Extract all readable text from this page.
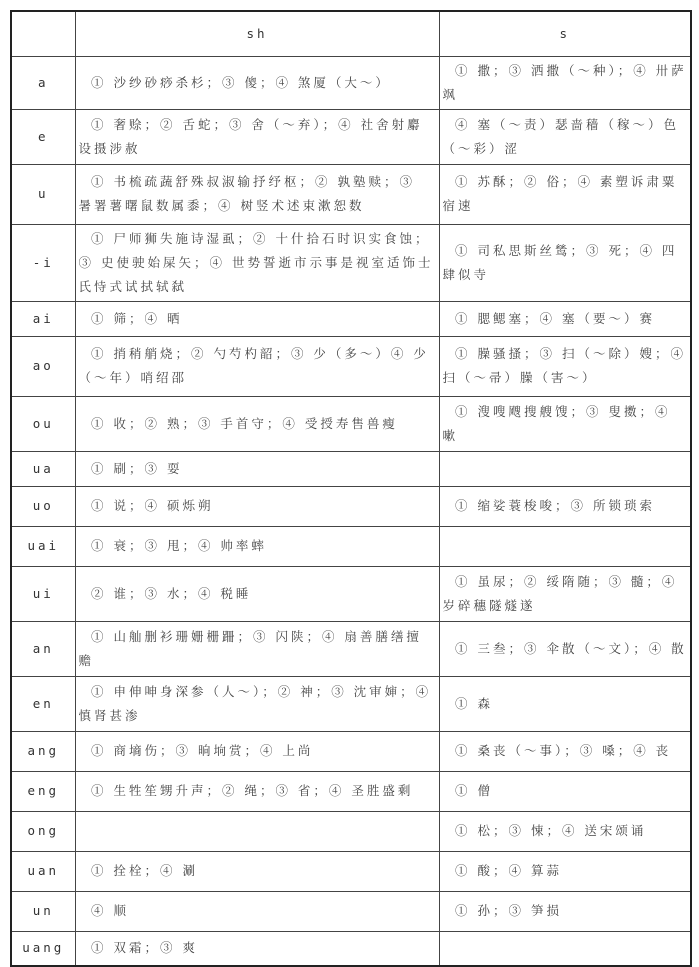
	sh	s
a	① 沙纱砂痧杀杉；③ 傻；④ 煞厦（大～）	① 撒；③ 洒撒（～种）；④ 卅萨飒
e	① 奢赊；② 舌蛇；③ 舍（～弃）；④ 社舍射麝设摄涉赦	④ 塞（～责）瑟啬穑（稼～）色（～彩）涩
u	① 书梳疏蔬舒殊叔淑输抒纾枢；② 孰塾赎；③ 暑署薯曙鼠数属黍；④ 树竖术述束漱恕数	① 苏酥；② 俗；④ 素塑诉肃粟宿速
-i	① 尸师狮失施诗湿虱；② 十什拾石时识实食蚀；③ 史使驶始屎矢；④ 世势誓逝市示事是视室适饰士氏恃式试拭轼弑	① 司私思斯丝鸶；③ 死；④ 四肆似寺
ai	① 筛；④ 晒	① 腮鳃塞；④ 塞（要～）赛
ao	① 捎稍艄烧；② 勺芍杓韶；③ 少（多～）④ 少（～年）哨绍邵	① 臊骚搔；③ 扫（～除）嫂；④ 扫（～帚）臊（害～）
ou	① 收；② 熟；③ 手首守；④ 受授寿售兽瘦	① 溲嗖飕搜艘馊；③ 叟擞；④ 嗽
ua	① 刷；③ 耍	
uo	① 说；④ 硕烁朔	① 缩娑蓑梭唆；③ 所锁琐索
uai	① 衰；③ 甩；④ 帅率蟀	
ui	② 谁；③ 水；④ 税睡	① 虽尿；② 绥隋随；③ 髓；④ 岁碎穗隧燧遂
an	① 山舢删衫珊姗栅跚；③ 闪陕；④ 扇善膳缮擅赡	① 三叁；③ 伞散（～文）；④ 散
en	① 申伸呻身深参（人～）；② 神；③ 沈审婶；④ 慎肾甚渗	① 森
ang	① 商墒伤；③ 晌垧赏；④ 上尚	① 桑丧（～事）；③ 嗓；④ 丧
eng	① 生牲笙甥升声；② 绳；③ 省；④ 圣胜盛剩	① 僧
ong		① 松；③ 悚；④ 送宋颂诵
uan	① 拴栓；④ 涮	① 酸；④ 算蒜
un	④ 顺	① 孙；③ 笋损
uang	① 双霜；③ 爽	
